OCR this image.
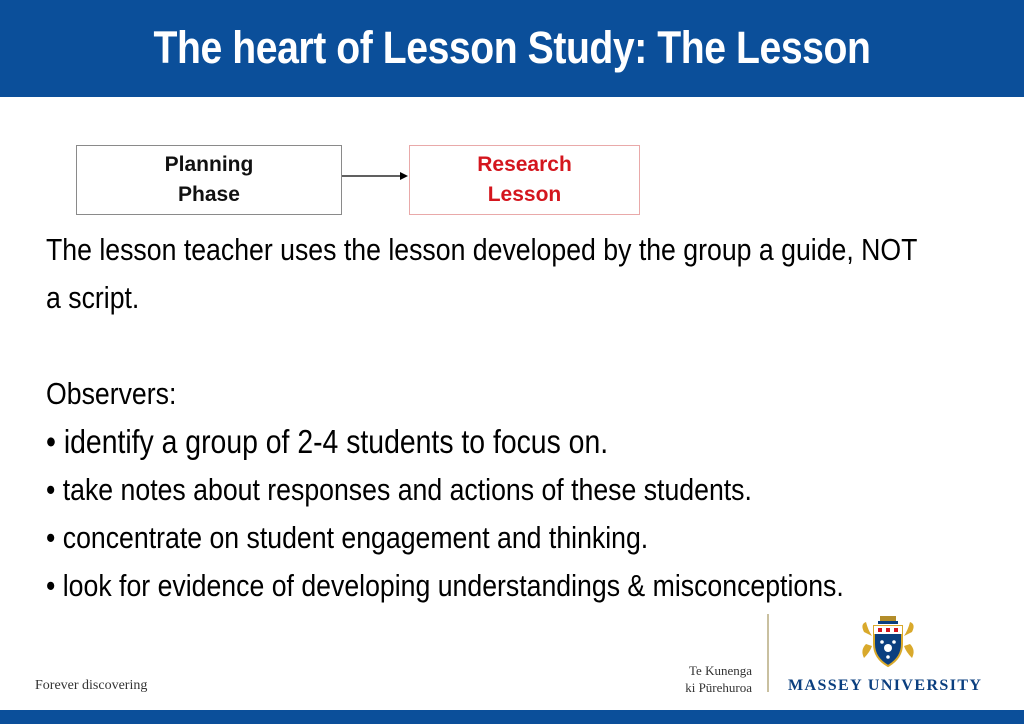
The heart of Lesson Study: The Lesson
Planning
Phase
Research
Lesson

The lesson teacher uses the lesson developed by the group a guide, NOT a script.

Observers:

• identify a group of 2-4 students to focus on.

• take notes about responses and actions of these students.

• concentrate on student engagement and thinking.

• look for evidence of developing understandings & misconceptions.

Forever discovering
Te Kunenga
ki Pūrehuroa MASSEY UNIVERSITY
